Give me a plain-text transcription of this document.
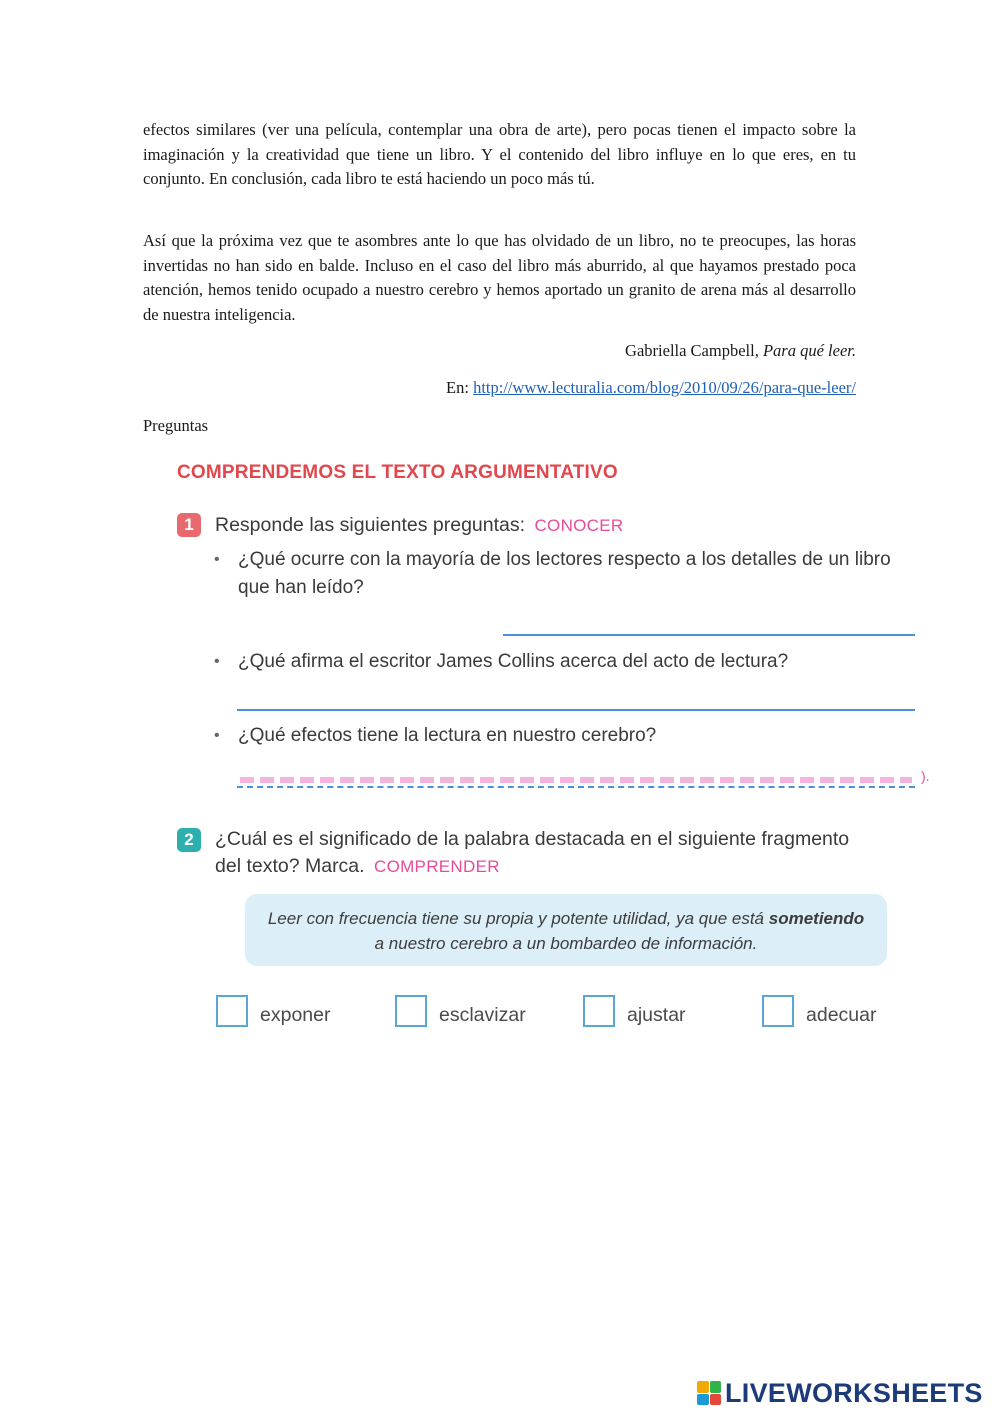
efectos similares (ver una película, contemplar una obra de arte), pero pocas tienen el impacto sobre la imaginación y la creatividad que tiene un libro. Y el contenido del libro influye en lo que eres, en tu conjunto. En conclusión, cada libro te está haciendo un poco más tú.

Así que la próxima vez que te asombres ante lo que has olvidado de un libro, no te preocupes, las horas invertidas no han sido en balde. Incluso en el caso del libro más aburrido, al que hayamos prestado poca atención, hemos tenido ocupado a nuestro cerebro y hemos aportado un granito de arena más al desarrollo de nuestra inteligencia.

Gabriella Campbell, Para qué leer.
En: http://www.lecturalia.com/blog/2010/09/26/para-que-leer/
Preguntas
COMPRENDEMOS EL TEXTO ARGUMENTATIVO
1	Responde las siguientes preguntas: CONOCER
• ¿Qué ocurre con la mayoría de los lectores respecto a los detalles de un libro que han leído?
• ¿Qué afirma el escritor James Collins acerca del acto de lectura?
• ¿Qué efectos tiene la lectura en nuestro cerebro?
).
2	¿Cuál es el significado de la palabra destacada en el siguiente fragmento del texto? Marca. COMPRENDER
Leer con frecuencia tiene su propia y potente utilidad, ya que está sometiendo a nuestro cerebro a un bombardeo de información.
exponer	esclavizar	ajustar	adecuar
LIVEWORKSHEETS
